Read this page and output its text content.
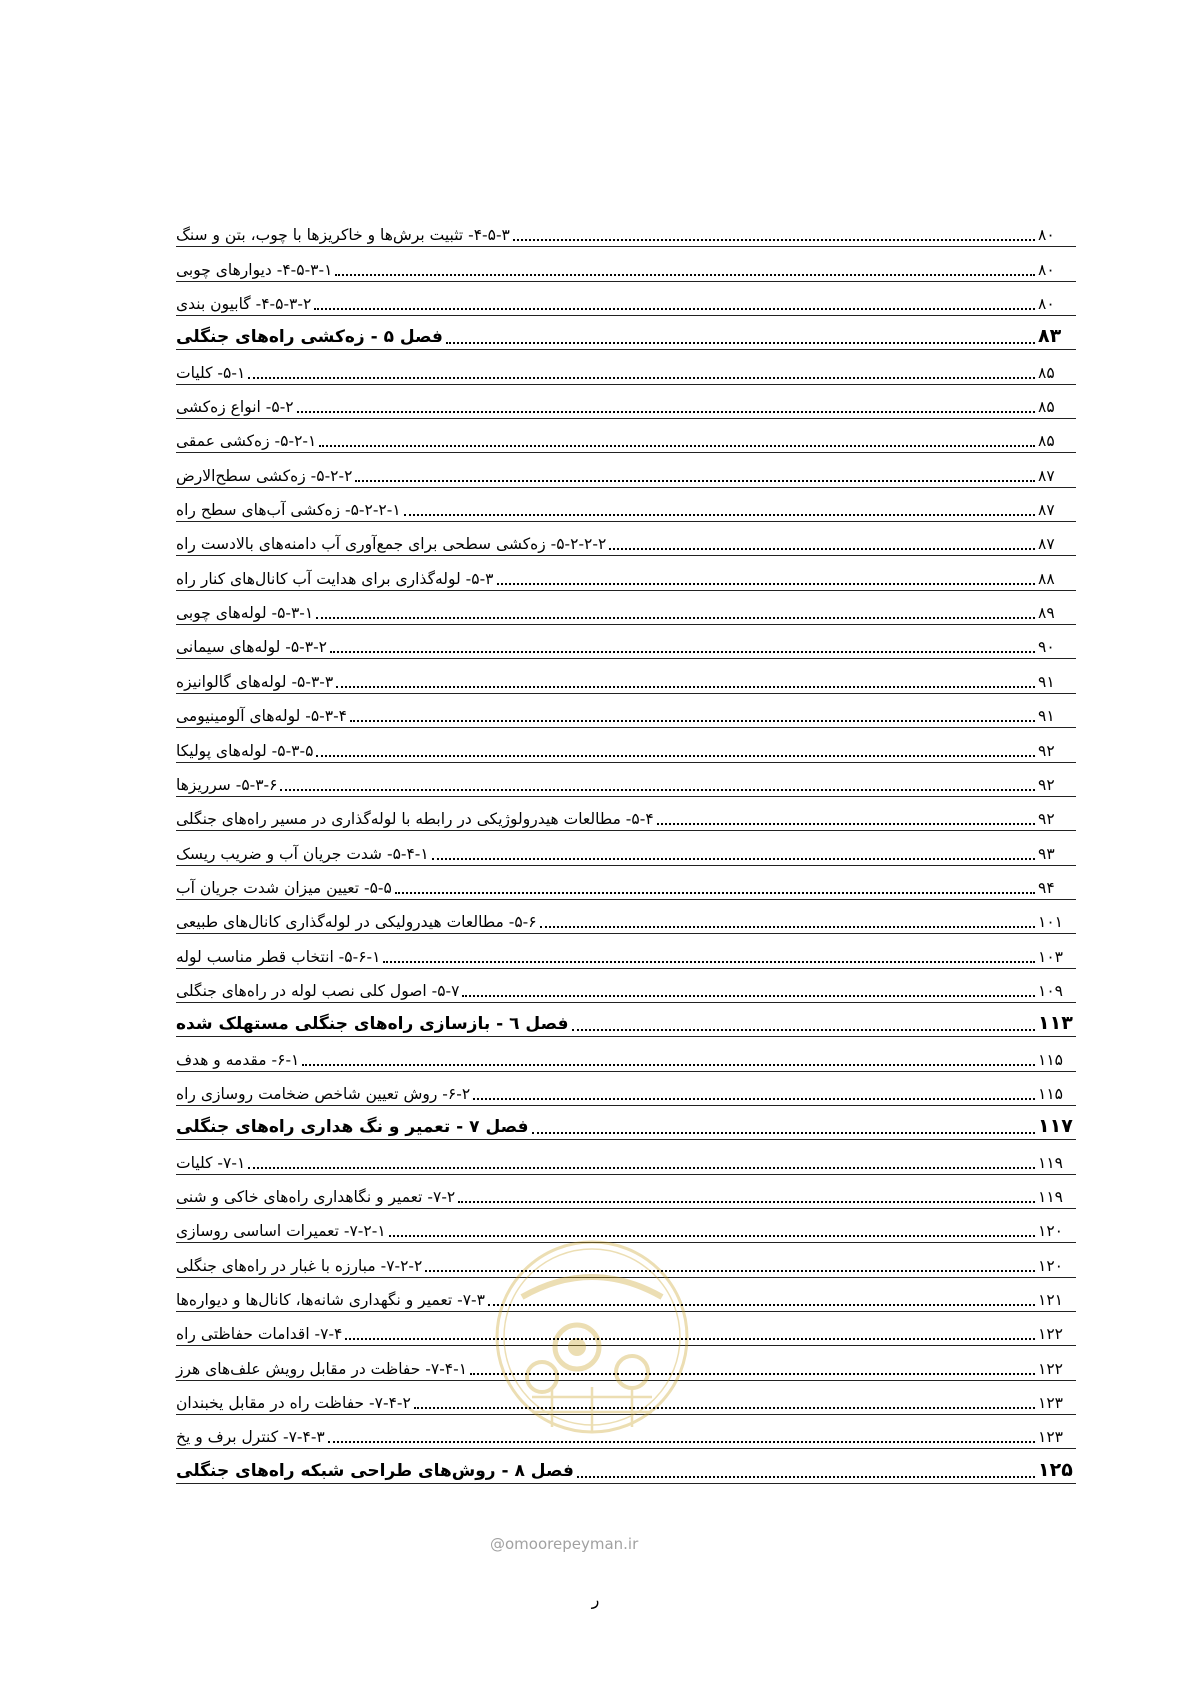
۴-۵-۳- تثبیت برش‌ها و خاکریزها با چوب، بتن و سنگ	۸۰
۴-۵-۳-۱- دیوارهای چوبی	۸۰
۴-۵-۳-۲- گابیون بندی	۸۰
فصل ۵ - زه‌کشی راه‌های جنگلی	۸۳
۵-۱- کلیات	۸۵
۵-۲- انواع زه‌کشی	۸۵
۵-۲-۱- زه‌کشی عمقی	۸۵
۵-۲-۲- زه‌کشی سطح‌الارض	۸۷
۵-۲-۲-۱- زه‌کشی آب‌های سطح راه	۸۷
۵-۲-۲-۲- زه‌کشی سطحی برای جمع‌آوری آب دامنه‌های بالادست راه	۸۷
۵-۳- لوله‌گذاری برای هدایت آب کانال‌های کنار راه	۸۸
۵-۳-۱- لوله‌های چوبی	۸۹
۵-۳-۲- لوله‌های سیمانی	۹۰
۵-۳-۳- لوله‌های گالوانیزه	۹۱
۵-۳-۴- لوله‌های آلومینیومی	۹۱
۵-۳-۵- لوله‌های پولیکا	۹۲
۵-۳-۶- سرریزها	۹۲
۵-۴- مطالعات هیدرولوژیکی در رابطه با لوله‌گذاری در مسیر راه‌های جنگلی	۹۲
۵-۴-۱- شدت جریان آب و ضریب ریسک	۹۳
۵-۵- تعیین میزان شدت جریان آب	۹۴
۵-۶- مطالعات هیدرولیکی در لوله‌گذاری کانال‌های طبیعی	۱۰۱
۵-۶-۱- انتخاب قطر مناسب لوله	۱۰۳
۵-۷- اصول کلی نصب لوله در راه‌های جنگلی	۱۰۹
فصل ٦ - بازسازی راه‌های جنگلی مستهلک شده	۱۱۳
۶-۱- مقدمه و هدف	۱۱۵
۶-۲- روش تعیین شاخص ضخامت روسازی راه	۱۱۵
فصل ۷ - تعمیر و نگ هداری راه‌های جنگلی	۱۱۷
۷-۱- کلیات	۱۱۹
۷-۲- تعمیر و نگاهداری راه‌های خاکی و شنی	۱۱۹
۷-۲-۱- تعمیرات اساسی روسازی	۱۲۰
۷-۲-۲- مبارزه با غبار در راه‌های جنگلی	۱۲۰
۷-۳- تعمیر و نگهداری شانه‌ها، کانال‌ها و دیواره‌ها	۱۲۱
۷-۴- اقدامات حفاظتی راه	۱۲۲
۷-۴-۱- حفاظت در مقابل رویش علف‌های هرز	۱۲۲
۷-۴-۲- حفاظت راه در مقابل یخبندان	۱۲۳
۷-۴-۳- کنترل برف و یخ	۱۲۳
فصل ۸ - روش‌های طراحی شبکه راه‌های جنگلی	۱۲۵
@omoorepeyman.ir
ر
